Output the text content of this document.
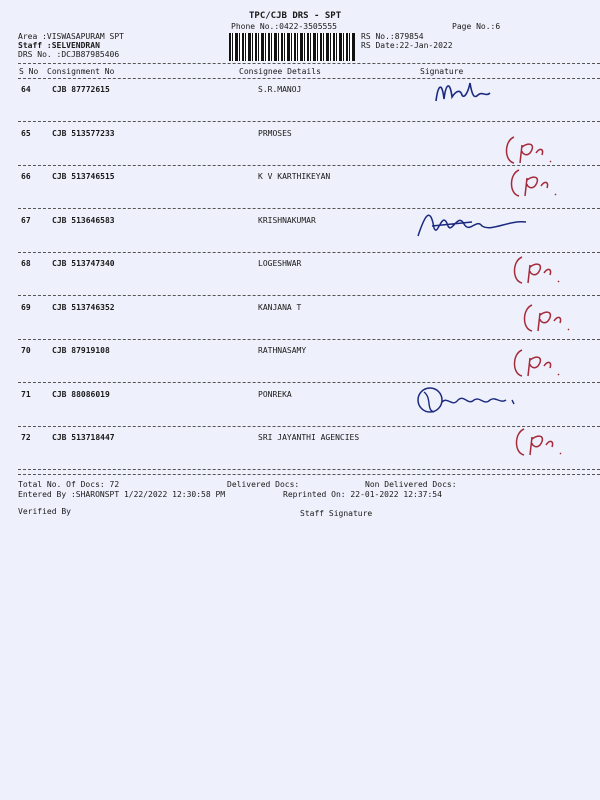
TPC/CJB DRS - SPT
Phone No.:0422-3505555	Page No.:6
Area :VISWASAPURAM SPT
Staff :SELVENDRAN
DRS No. :DCJB87985406
RS No.:879854
RS Date:22-Jan-2022
S No Consignment No	Consignee Details	Signature
64	CJB 87772615	S.R.MANOJ
65	CJB 513577233	PRMOSES
66	CJB 513746515	K V KARTHIKEYAN
67	CJB 513646583	KRISHNAKUMAR
68	CJB 513747340	LOGESHWAR
69	CJB 513746352	KANJANA T
70	CJB 87919108	RATHNASAMY
71	CJB 88086019	PONREKA
72	CJB 513718447	SRI JAYANTHI AGENCIES
Total No. Of Docs: 72	Delivered Docs:	Non Delivered Docs:
Entered By :SHARONSPT 1/22/2022 12:30:58 PM	Reprinted On: 22-01-2022 12:37:54
Verified By	Staff Signature
